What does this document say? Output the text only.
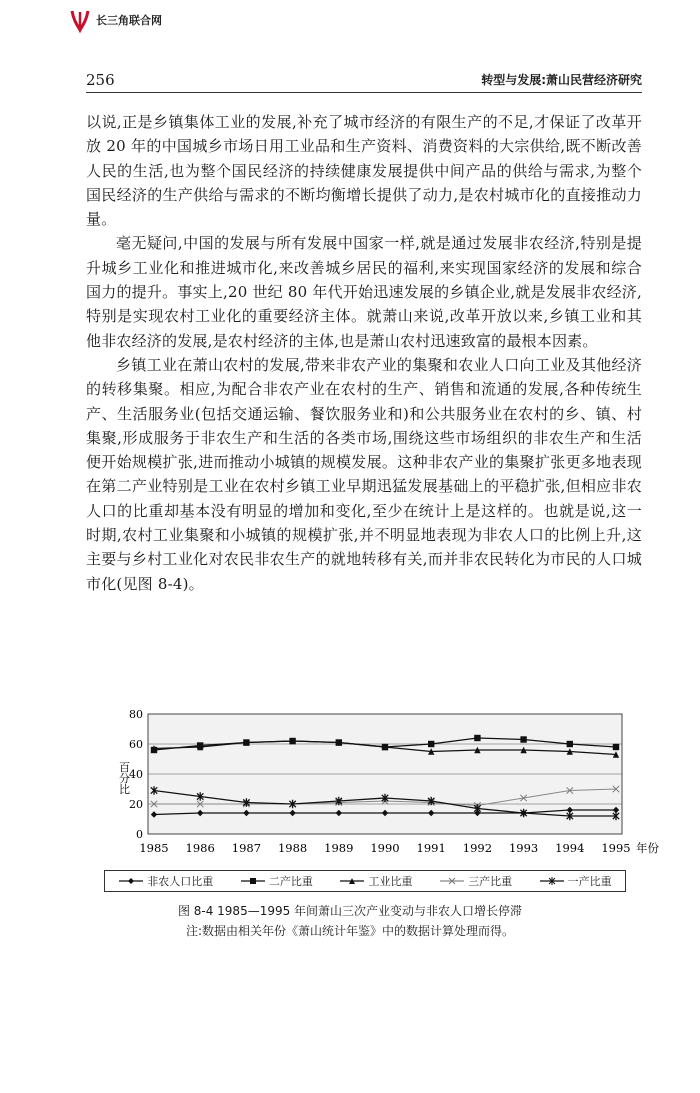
长三角联合网
256	转型与发展:萧山民营经济研究

以说,正是乡镇集体工业的发展,补充了城市经济的有限生产的不足,才保证了改革开放 20 年的中国城乡市场日用工业品和生产资料、消费资料的大宗供给,既不断改善人民的生活,也为整个国民经济的持续健康发展提供中间产品的供给与需求,为整个国民经济的生产供给与需求的不断均衡增长提供了动力,是农村城市化的直接推动力量。

毫无疑问,中国的发展与所有发展中国家一样,就是通过发展非农经济,特别是提升城乡工业化和推进城市化,来改善城乡居民的福利,来实现国家经济的发展和综合国力的提升。事实上,20 世纪 80 年代开始迅速发展的乡镇企业,就是发展非农经济,特别是实现农村工业化的重要经济主体。就萧山来说,改革开放以来,乡镇工业和其他非农经济的发展,是农村经济的主体,也是萧山农村迅速致富的最根本因素。

乡镇工业在萧山农村的发展,带来非农产业的集聚和农业人口向工业及其他经济的转移集聚。相应,为配合非农产业在农村的生产、销售和流通的发展,各种传统生产、生活服务业(包括交通运输、餐饮服务业和)和公共服务业在农村的乡、镇、村集聚,形成服务于非农生产和生活的各类市场,围绕这些市场组织的非农生产和生活便开始规模扩张,进而推动小城镇的规模发展。这种非农产业的集聚扩张更多地表现在第二产业特别是工业在农村乡镇工业早期迅猛发展基础上的平稳扩张,但相应非农人口的比重却基本没有明显的增加和变化,至少在统计上是这样的。也就是说,这一时期,农村工业集聚和小城镇的规模扩张,并不明显地表现为非农人口的比例上升,这主要与乡村工业化对农民非农生产的就地转移有关,而并非农民转化为市民的人口城市化(见图 8-4)。

0
20
40
60
80
百分比
1985 1986 1987 1988 1989 1990 1991 1992 1993 1994 1995 年份
非农人口比重	二产比重	工业比重	三产比重	一产比重
图 8-4 1985—1995 年间萧山三次产业变动与非农人口增长停滞
注:数据由相关年份《萧山统计年鉴》中的数据计算处理而得。
